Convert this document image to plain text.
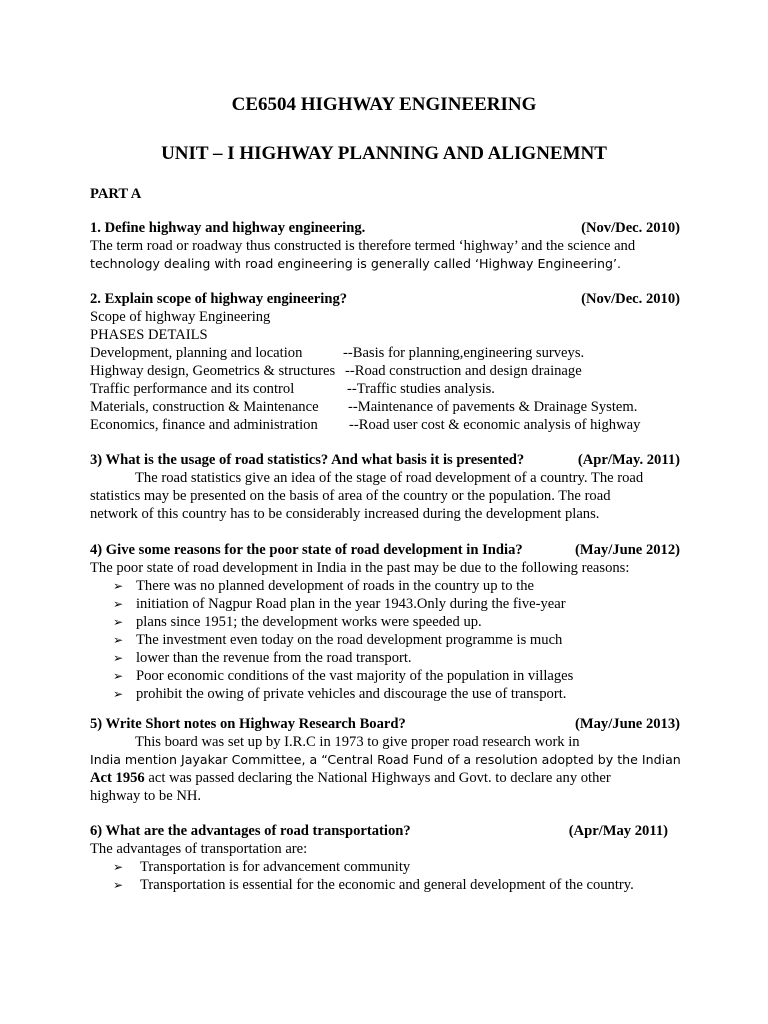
CE6504 HIGHWAY ENGINEERING
UNIT – I HIGHWAY PLANNING AND ALIGNEMNT
PART A
1. Define highway and highway engineering.	(Nov/Dec. 2010)
The term road or roadway thus constructed is therefore termed ‘highway’ and the science and
technology dealing with road engineering is generally called ‘Highway Engineering’.
2. Explain scope of highway engineering?	(Nov/Dec. 2010)
Scope of highway Engineering
PHASES DETAILS
Development, planning and location	--Basis for planning,engineering surveys.
Highway design, Geometrics & structures --Road construction and design drainage
Traffic performance and its control	--Traffic studies analysis.
Materials, construction & Maintenance --Maintenance of pavements & Drainage System.
Economics, finance and administration --Road user cost & economic analysis of highway
3) What is the usage of road statistics? And what basis it is presented?	(Apr/May. 2011)
The road statistics give an idea of the stage of road development of a country. The road
statistics may be presented on the basis of area of the country or the population. The road
network of this country has to be considerably increased during the development plans.
4) Give some reasons for the poor state of road development in India?	(May/June 2012)
The poor state of road development in India in the past may be due to the following reasons:
➢ There was no planned development of roads in the country up to the
➢ initiation of Nagpur Road plan in the year 1943.Only during the five-year
➢ plans since 1951; the development works were speeded up.
➢ The investment even today on the road development programme is much
➢ lower than the revenue from the road transport.
➢ Poor economic conditions of the vast majority of the population in villages
➢ prohibit the owing of private vehicles and discourage the use of transport.
5) Write Short notes on Highway Research Board?	(May/June 2013)
This board was set up by I.R.C in 1973 to give proper road research work in
India mention Jayakar Committee, a “Central Road Fund of a resolution adopted by the Indian
Act 1956 act was passed declaring the National Highways and Govt. to declare any other
highway to be NH.
6) What are the advantages of road transportation?	(Apr/May 2011)
The advantages of transportation are:
➢	Transportation is for advancement community
➢	Transportation is essential for the economic and general development of the country.
